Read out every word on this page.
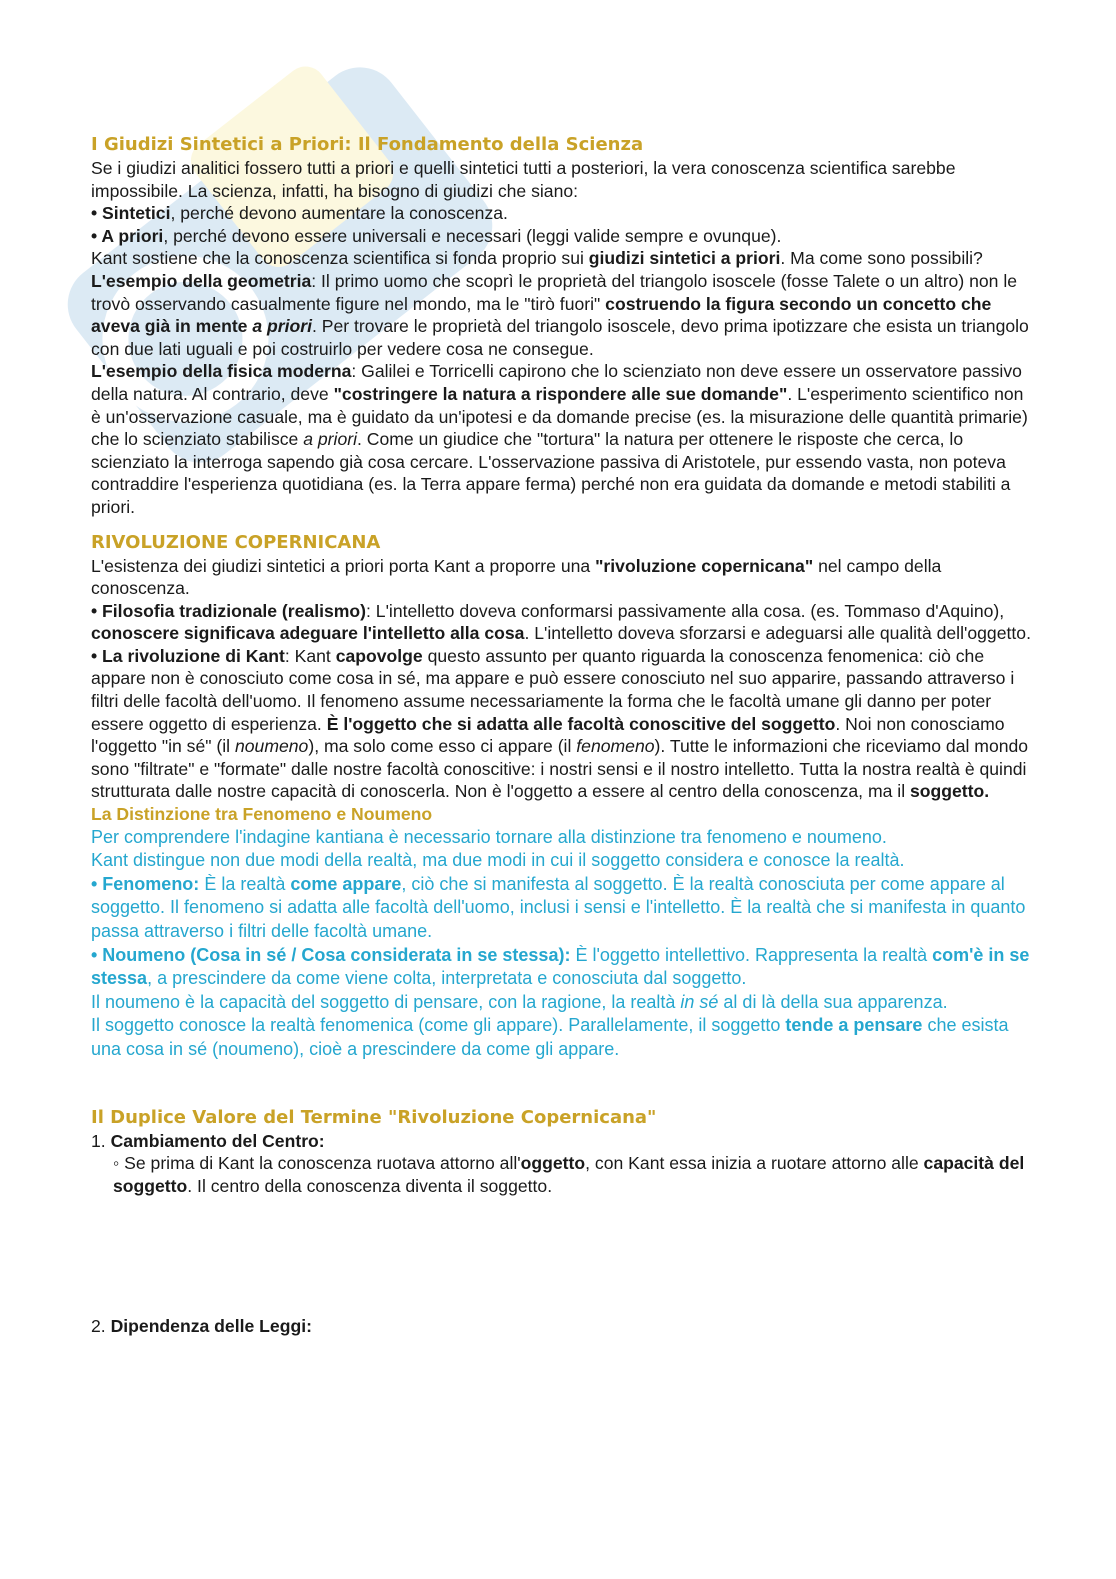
I Giudizi Sintetici a Priori: Il Fondamento della Scienza

Se i giudizi analitici fossero tutti a priori e quelli sintetici tutti a posteriori, la vera conoscenza scientifica sarebbe impossibile. La scienza, infatti, ha bisogno di giudizi che siano:

• Sintetici, perché devono aumentare la conoscenza.

• A priori, perché devono essere universali e necessari (leggi valide sempre e ovunque).

Kant sostiene che la conoscenza scientifica si fonda proprio sui giudizi sintetici a priori. Ma come sono possibili?

L'esempio della geometria: Il primo uomo che scoprì le proprietà del triangolo isoscele (fosse Talete o un altro) non le trovò osservando casualmente figure nel mondo, ma le "tirò fuori" costruendo la figura secondo un concetto che aveva già in mente a priori. Per trovare le proprietà del triangolo isoscele, devo prima ipotizzare che esista un triangolo con due lati uguali e poi costruirlo per vedere cosa ne consegue.

L'esempio della fisica moderna: Galilei e Torricelli capirono che lo scienziato non deve essere un osservatore passivo della natura. Al contrario, deve "costringere la natura a rispondere alle sue domande". L'esperimento scientifico non è un'osservazione casuale, ma è guidato da un'ipotesi e da domande precise (es. la misurazione delle quantità primarie) che lo scienziato stabilisce a priori. Come un giudice che "tortura" la natura per ottenere le risposte che cerca, lo scienziato la interroga sapendo già cosa cercare. L'osservazione passiva di Aristotele, pur essendo vasta, non poteva contraddire l'esperienza quotidiana (es. la Terra appare ferma) perché non era guidata da domande e metodi stabiliti a priori.

RIVOLUZIONE COPERNICANA

L'esistenza dei giudizi sintetici a priori porta Kant a proporre una "rivoluzione copernicana" nel campo della conoscenza.

• Filosofia tradizionale (realismo): L'intelletto doveva conformarsi passivamente alla cosa. (es. Tommaso d'Aquino), conoscere significava adeguare l'intelletto alla cosa. L'intelletto doveva sforzarsi e adeguarsi alle qualità dell'oggetto.

• La rivoluzione di Kant: Kant capovolge questo assunto per quanto riguarda la conoscenza fenomenica: ciò che appare non è conosciuto come cosa in sé, ma appare e può essere conosciuto nel suo apparire, passando attraverso i filtri delle facoltà dell'uomo. Il fenomeno assume necessariamente la forma che le facoltà umane gli danno per poter essere oggetto di esperienza. È l'oggetto che si adatta alle facoltà conoscitive del soggetto. Noi non conosciamo l'oggetto "in sé" (il noumeno), ma solo come esso ci appare (il fenomeno). Tutte le informazioni che riceviamo dal mondo sono "filtrate" e "formate" dalle nostre facoltà conoscitive: i nostri sensi e il nostro intelletto. Tutta la nostra realtà è quindi strutturata dalle nostre capacità di conoscerla. Non è l'oggetto a essere al centro della conoscenza, ma il soggetto.

La Distinzione tra Fenomeno e Noumeno

Per comprendere l'indagine kantiana è necessario tornare alla distinzione tra fenomeno e noumeno.

Kant distingue non due modi della realtà, ma due modi in cui il soggetto considera e conosce la realtà.

• Fenomeno: È la realtà come appare, ciò che si manifesta al soggetto. È la realtà conosciuta per come appare al soggetto. Il fenomeno si adatta alle facoltà dell'uomo, inclusi i sensi e l'intelletto. È la realtà che si manifesta in quanto passa attraverso i filtri delle facoltà umane.

• Noumeno (Cosa in sé / Cosa considerata in se stessa): È l'oggetto intellettivo. Rappresenta la realtà com'è in se stessa, a prescindere da come viene colta, interpretata e conosciuta dal soggetto.

Il noumeno è la capacità del soggetto di pensare, con la ragione, la realtà in sé al di là della sua apparenza.

Il soggetto conosce la realtà fenomenica (come gli appare). Parallelamente, il soggetto tende a pensare che esista una cosa in sé (noumeno), cioè a prescindere da come gli appare.

Il Duplice Valore del Termine "Rivoluzione Copernicana"

1. Cambiamento del Centro:

◦ Se prima di Kant la conoscenza ruotava attorno all'oggetto, con Kant essa inizia a ruotare attorno alle capacità del soggetto. Il centro della conoscenza diventa il soggetto.

2. Dipendenza delle Leggi:
